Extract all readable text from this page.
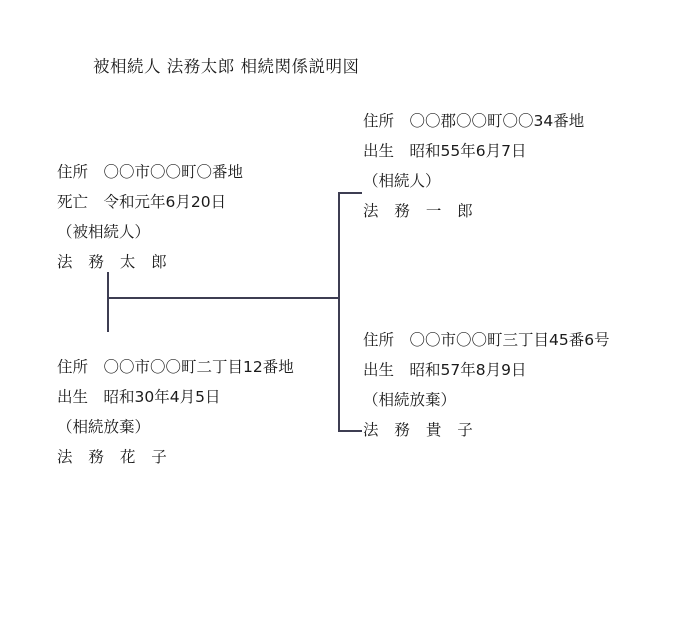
被相続人 法務太郎 相続関係説明図
住所　〇〇市〇〇町〇番地
死亡　令和元年6月20日
（被相続人）
法 務 太 郎
住所　〇〇郡〇〇町〇〇34番地
出生　昭和55年6月7日
（相続人）
法 務 一 郎
住所　〇〇市〇〇町二丁目12番地
出生　昭和30年4月5日
（相続放棄）
法 務 花 子
住所　〇〇市〇〇町三丁目45番6号
出生　昭和57年8月9日
（相続放棄）
法 務 貴 子
